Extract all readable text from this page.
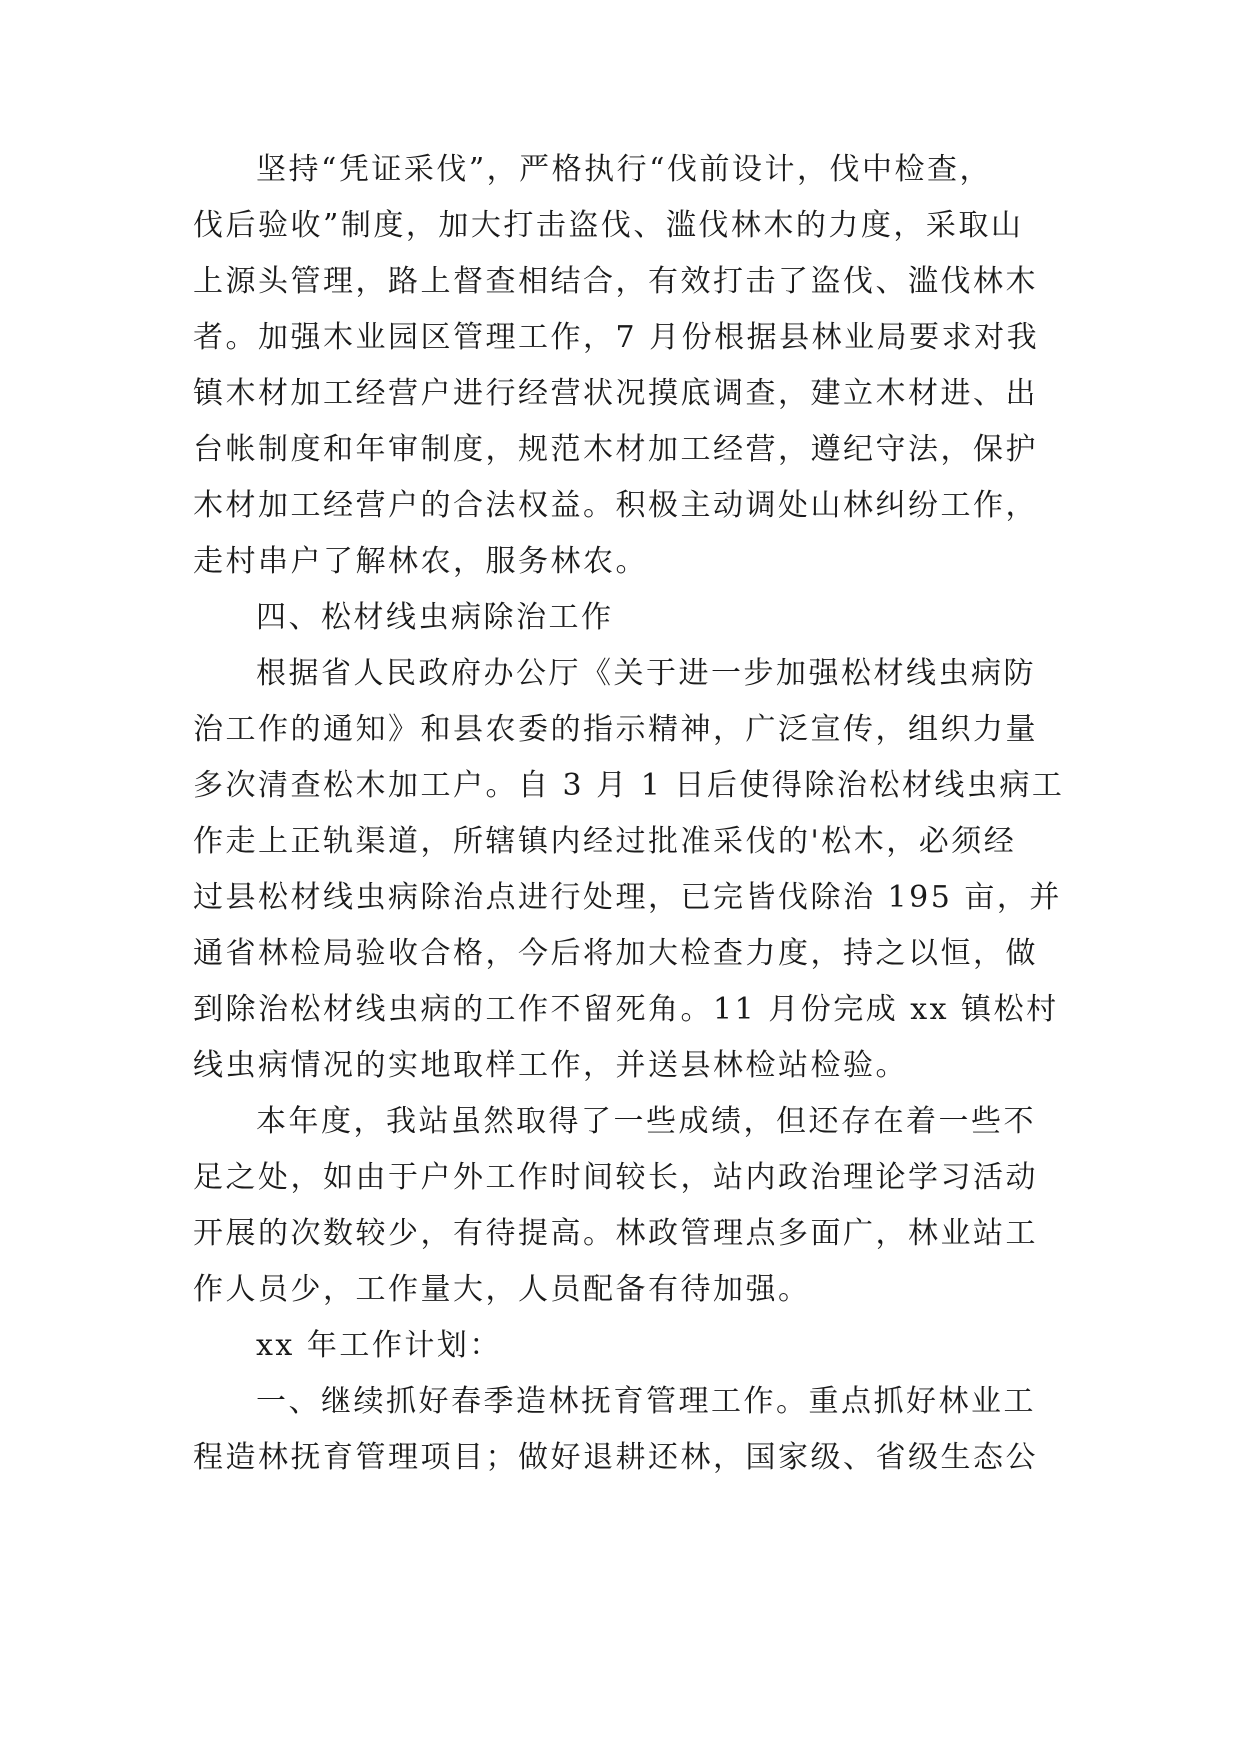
坚持“凭证采伐”，严格执行“伐前设计，伐中检查，
伐后验收”制度，加大打击盗伐、滥伐林木的力度，采取山
上源头管理，路上督查相结合，有效打击了盗伐、滥伐林木
者。加强木业园区管理工作，7 月份根据县林业局要求对我
镇木材加工经营户进行经营状况摸底调查，建立木材进、出
台帐制度和年审制度，规范木材加工经营，遵纪守法，保护
木材加工经营户的合法权益。积极主动调处山林纠纷工作，
走村串户了解林农，服务林农。
四、松材线虫病除治工作
根据省人民政府办公厅《关于进一步加强松材线虫病防
治工作的通知》和县农委的指示精神，广泛宣传，组织力量
多次清查松木加工户。自 3 月 1 日后使得除治松材线虫病工
作走上正轨渠道，所辖镇内经过批准采伐的'松木，必须经
过县松材线虫病除治点进行处理，已完皆伐除治 195 亩，并
通省林检局验收合格，今后将加大检查力度，持之以恒，做
到除治松材线虫病的工作不留死角。11 月份完成 xx 镇松村
线虫病情况的实地取样工作，并送县林检站检验。
本年度，我站虽然取得了一些成绩，但还存在着一些不
足之处，如由于户外工作时间较长，站内政治理论学习活动
开展的次数较少，有待提高。林政管理点多面广，林业站工
作人员少，工作量大，人员配备有待加强。
xx 年工作计划：
一、继续抓好春季造林抚育管理工作。重点抓好林业工
程造林抚育管理项目；做好退耕还林，国家级、省级生态公
